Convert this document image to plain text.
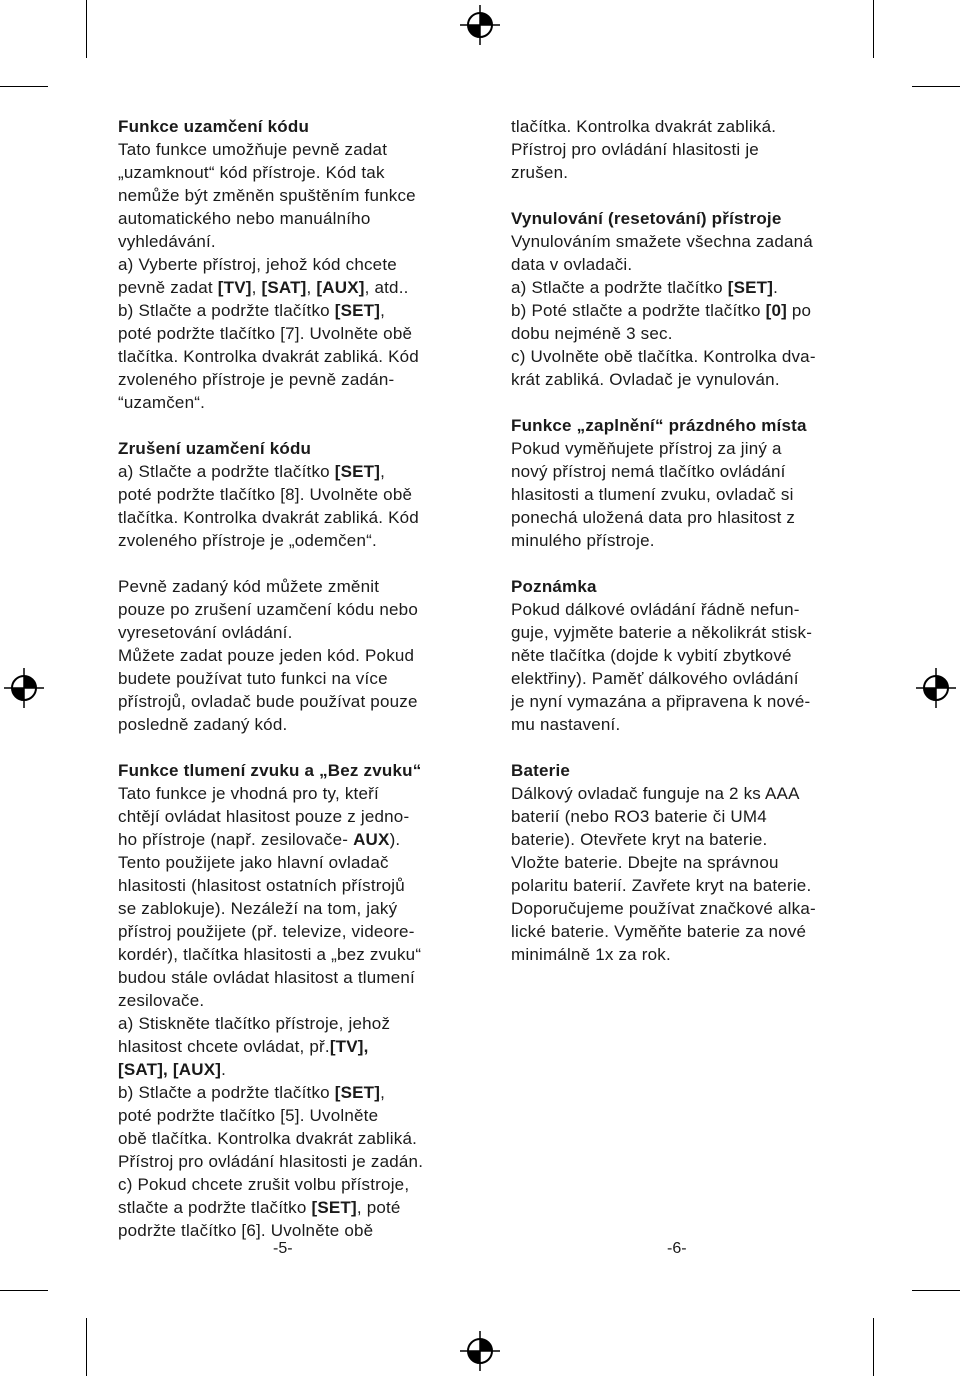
Funkce uzamčení kódu
Tato funkce umožňuje pevně zadat
„uzamknout“ kód přístroje. Kód tak
nemůže být změněn spuštěním funkce
automatického nebo manuálního
vyhledávání.
a) Vyberte přístroj, jehož kód chcete
pevně zadat [TV], [SAT], [AUX], atd..
b) Stlačte a podržte tlačítko [SET],
poté podržte tlačítko [7]. Uvolněte obě
tlačítka. Kontrolka dvakrát zabliká. Kód
zvoleného přístroje je pevně zadán-
“uzamčen“.
Zrušení uzamčení kódu
a) Stlačte a podržte tlačítko [SET],
poté podržte tlačítko [8]. Uvolněte obě
tlačítka. Kontrolka dvakrát zabliká. Kód
zvoleného přístroje je „odemčen“.
Pevně zadaný kód můžete změnit
pouze po zrušení uzamčení kódu nebo
vyresetování ovládání.
Můžete zadat pouze jeden kód. Pokud
budete používat tuto funkci na více
přístrojů, ovladač bude používat pouze
posledně zadaný kód.
Funkce tlumení zvuku a „Bez zvuku“
Tato funkce je vhodná pro ty, kteří
chtějí ovládat hlasitost pouze z jedno-
ho přístroje (např. zesilovače- AUX).
Tento použijete jako hlavní ovladač
hlasitosti (hlasitost ostatních přístrojů
se zablokuje). Nezáleží na tom, jaký
přístroj použijete (př. televize, videore-
kordér), tlačítka hlasitosti a „bez zvuku“
budou stále ovládat hlasitost a tlumení
zesilovače.
a) Stiskněte tlačítko přístroje, jehož
hlasitost chcete ovládat, př.[TV],
[SAT], [AUX].
b) Stlačte a podržte tlačítko [SET],
poté podržte tlačítko [5]. Uvolněte
obě tlačítka. Kontrolka dvakrát zabliká.
Přístroj pro ovládání hlasitosti je zadán.
c) Pokud chcete zrušit volbu přístroje,
stlačte a podržte tlačítko [SET], poté
podržte tlačítko [6]. Uvolněte obě
tlačítka. Kontrolka dvakrát zabliká.
Přístroj pro ovládání hlasitosti je
zrušen.
Vynulování (resetování) přístroje
Vynulováním smažete všechna zadaná
data v ovladači.
a) Stlačte a podržte tlačítko [SET].
b) Poté stlačte a podržte tlačítko [0] po
dobu nejméně 3 sec.
c) Uvolněte obě tlačítka. Kontrolka dva-
krát zabliká. Ovladač je vynulován.
Funkce „zaplnění“ prázdného místa
Pokud vyměňujete přístroj za jiný a
nový přístroj nemá tlačítko ovládání
hlasitosti a tlumení zvuku, ovladač si
ponechá uložená data pro hlasitost z
minulého přístroje.
Poznámka
Pokud dálkové ovládání řádně nefun-
guje, vyjměte baterie a několikrát stisk-
něte tlačítka (dojde k vybití zbytkové
elektřiny). Paměť dálkového ovládání
je nyní vymazána a připravena k nové-
mu nastavení.
Baterie
Dálkový ovladač funguje na 2 ks AAA
baterií (nebo RO3 baterie či UM4
baterie). Otevřete kryt na baterie.
Vložte baterie. Dbejte na správnou
polaritu baterií. Zavřete kryt na baterie.
Doporučujeme používat značkové alka-
lické baterie. Vyměňte baterie za nové
minimálně 1x za rok.
-5-	-6-
